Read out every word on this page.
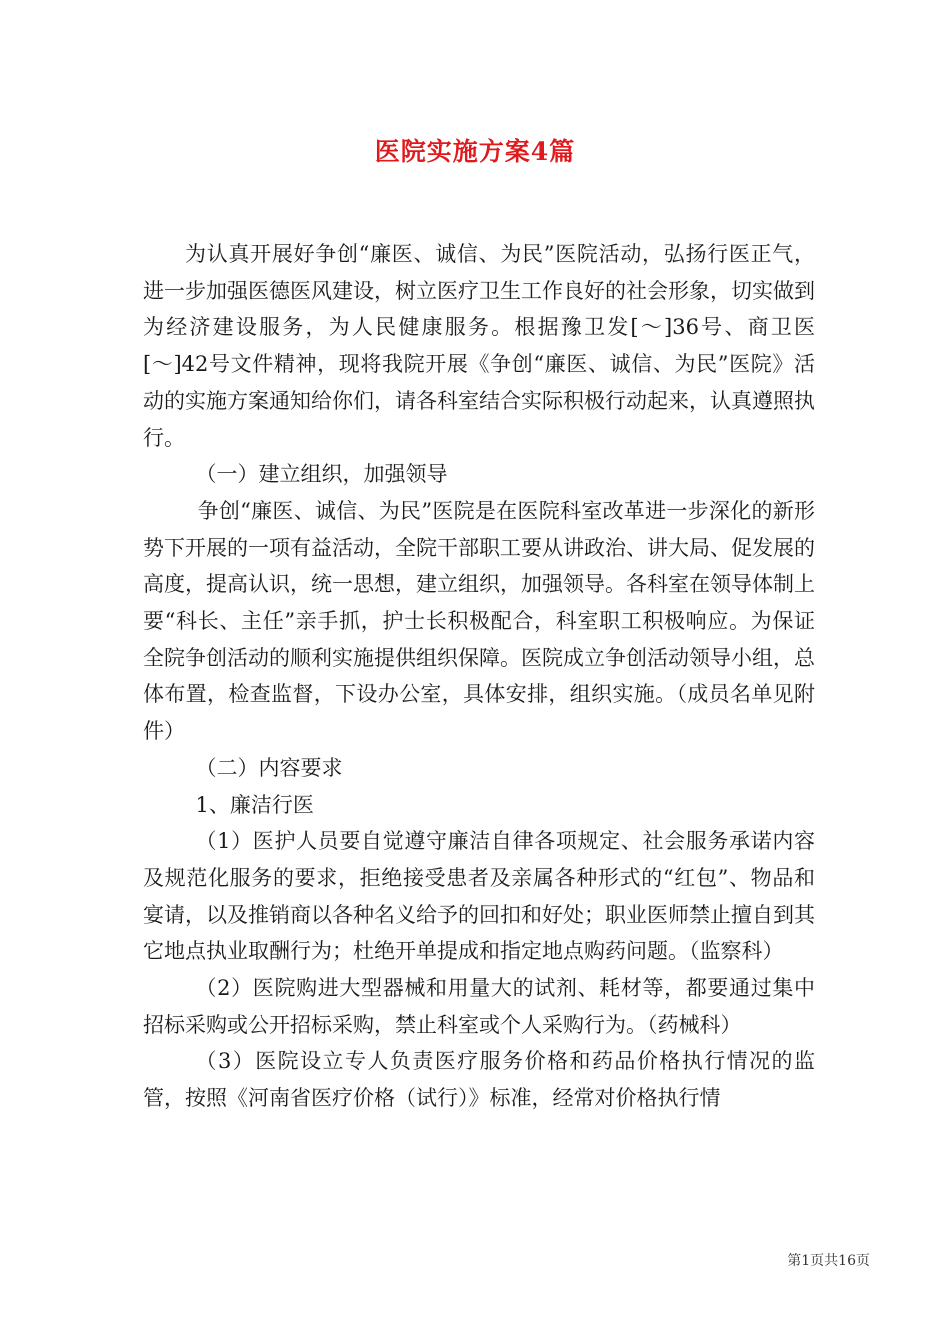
医院实施方案4篇

为认真开展好争创“廉医、诚信、为民”医院活动，弘扬行医正气，进一步加强医德医风建设，树立医疗卫生工作良好的社会形象，切实做到为经济建设服务，为人民健康服务。根据豫卫发[～]36号、商卫医[～]42号文件精神，现将我院开展《争创“廉医、诚信、为民”医院》活动的实施方案通知给你们，请各科室结合实际积极行动起来，认真遵照执行。

（一）建立组织，加强领导

争创“廉医、诚信、为民”医院是在医院科室改革进一步深化的新形势下开展的一项有益活动，全院干部职工要从讲政治、讲大局、促发展的高度，提高认识，统一思想，建立组织，加强领导。各科室在领导体制上要“科长、主任”亲手抓，护士长积极配合，科室职工积极响应。为保证全院争创活动的顺利实施提供组织保障。医院成立争创活动领导小组，总体布置，检查监督，下设办公室，具体安排，组织实施。（成员名单见附件）

（二）内容要求

1、廉洁行医

（1）医护人员要自觉遵守廉洁自律各项规定、社会服务承诺内容及规范化服务的要求，拒绝接受患者及亲属各种形式的“红包”、物品和宴请，以及推销商以各种名义给予的回扣和好处；职业医师禁止擅自到其它地点执业取酬行为；杜绝开单提成和指定地点购药问题。（监察科）

（2）医院购进大型器械和用量大的试剂、耗材等，都要通过集中招标采购或公开招标采购，禁止科室或个人采购行为。（药械科）

（3）医院设立专人负责医疗服务价格和药品价格执行情况的监管，按照《河南省医疗价格（试行）》标准，经常对价格执行情

第1页共16页
